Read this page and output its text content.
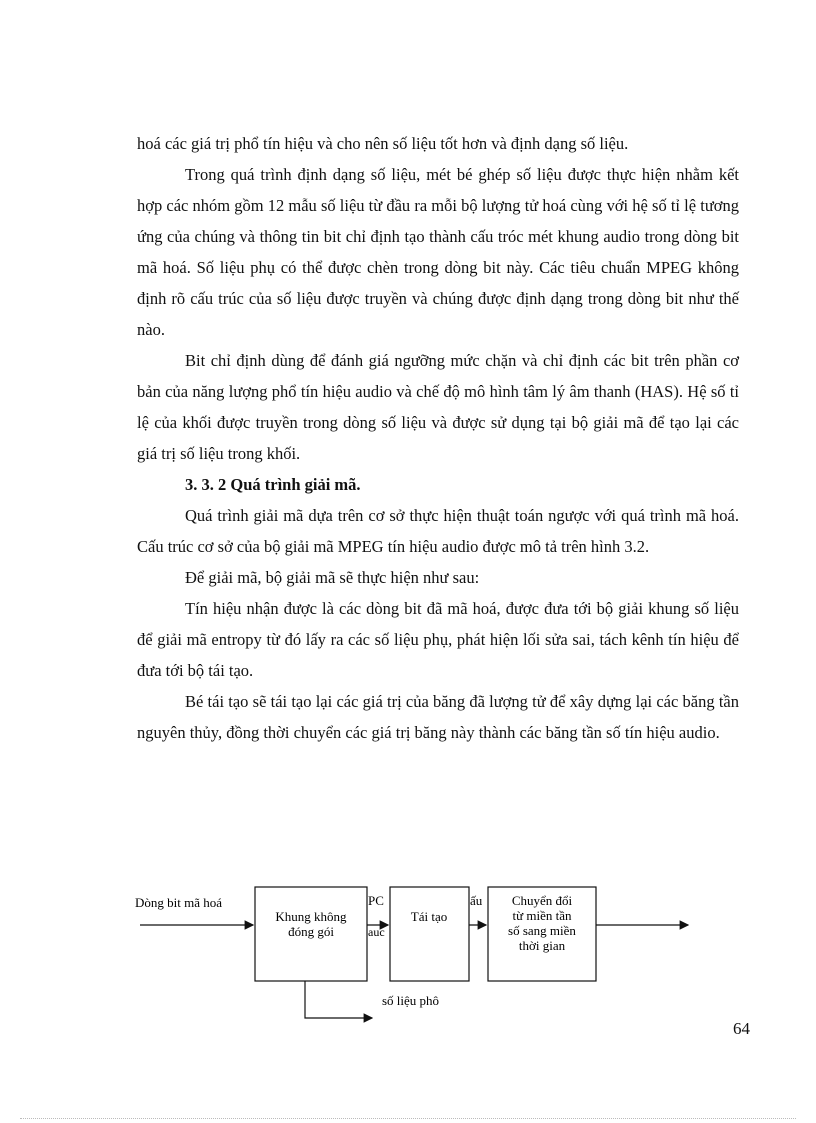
hoá các giá trị phổ tín hiệu và cho nên số liệu tốt hơn và định dạng số liệu.

Trong quá trình định dạng số liệu, mét bé ghép số liệu được thực hiện nhằm kết hợp các nhóm gồm 12 mẫu số liệu từ đầu ra mỗi bộ lượng tử hoá cùng với hệ số tỉ lệ tương ứng của chúng và thông tin bit chỉ định tạo thành cấu tróc mét khung audio trong dòng bit mã hoá. Số liệu phụ có thể được chèn trong dòng bit này. Các tiêu chuẩn MPEG không định rõ cấu trúc của số liệu được truyền và chúng được định dạng trong dòng bit như thế nào.

Bit chỉ định dùng để đánh giá ngưỡng mức chặn và chỉ định các bit trên phần cơ bản của năng lượng phổ tín hiệu audio và chế độ mô hình tâm lý âm thanh (HAS). Hệ số tỉ lệ của khối được truyền trong dòng số liệu và được sử dụng tại bộ giải mã để tạo lại các giá trị số liệu trong khối.

3. 3. 2 Quá trình giải mã.

Quá trình giải mã dựa trên cơ sở thực hiện thuật toán ngược với quá trình mã hoá. Cấu trúc cơ sở của bộ giải mã MPEG tín hiệu audio được mô tả trên hình 3.2.

Để giải mã, bộ giải mã sẽ thực hiện như sau:

Tín hiệu nhận được là các dòng bit đã mã hoá, được đưa tới bộ giải khung số liệu để giải mã entropy từ đó lấy ra các số liệu phụ, phát hiện lối sửa sai, tách kênh tín hiệu để đưa tới bộ tái tạo.

Bé tái tạo sẽ tái tạo lại các giá trị của băng đã lượng tử để xây dựng lại các băng tần nguyên thủy, đồng thời chuyển các giá trị băng này thành các băng tần số tín hiệu audio.

Dòng bit mã hoá
Khung không
đóng gói
PC	ấu
auc
Tái tạo
Chuyển đổi
từ miền tần
số sang miền
thời gian
số liệu phô
64
